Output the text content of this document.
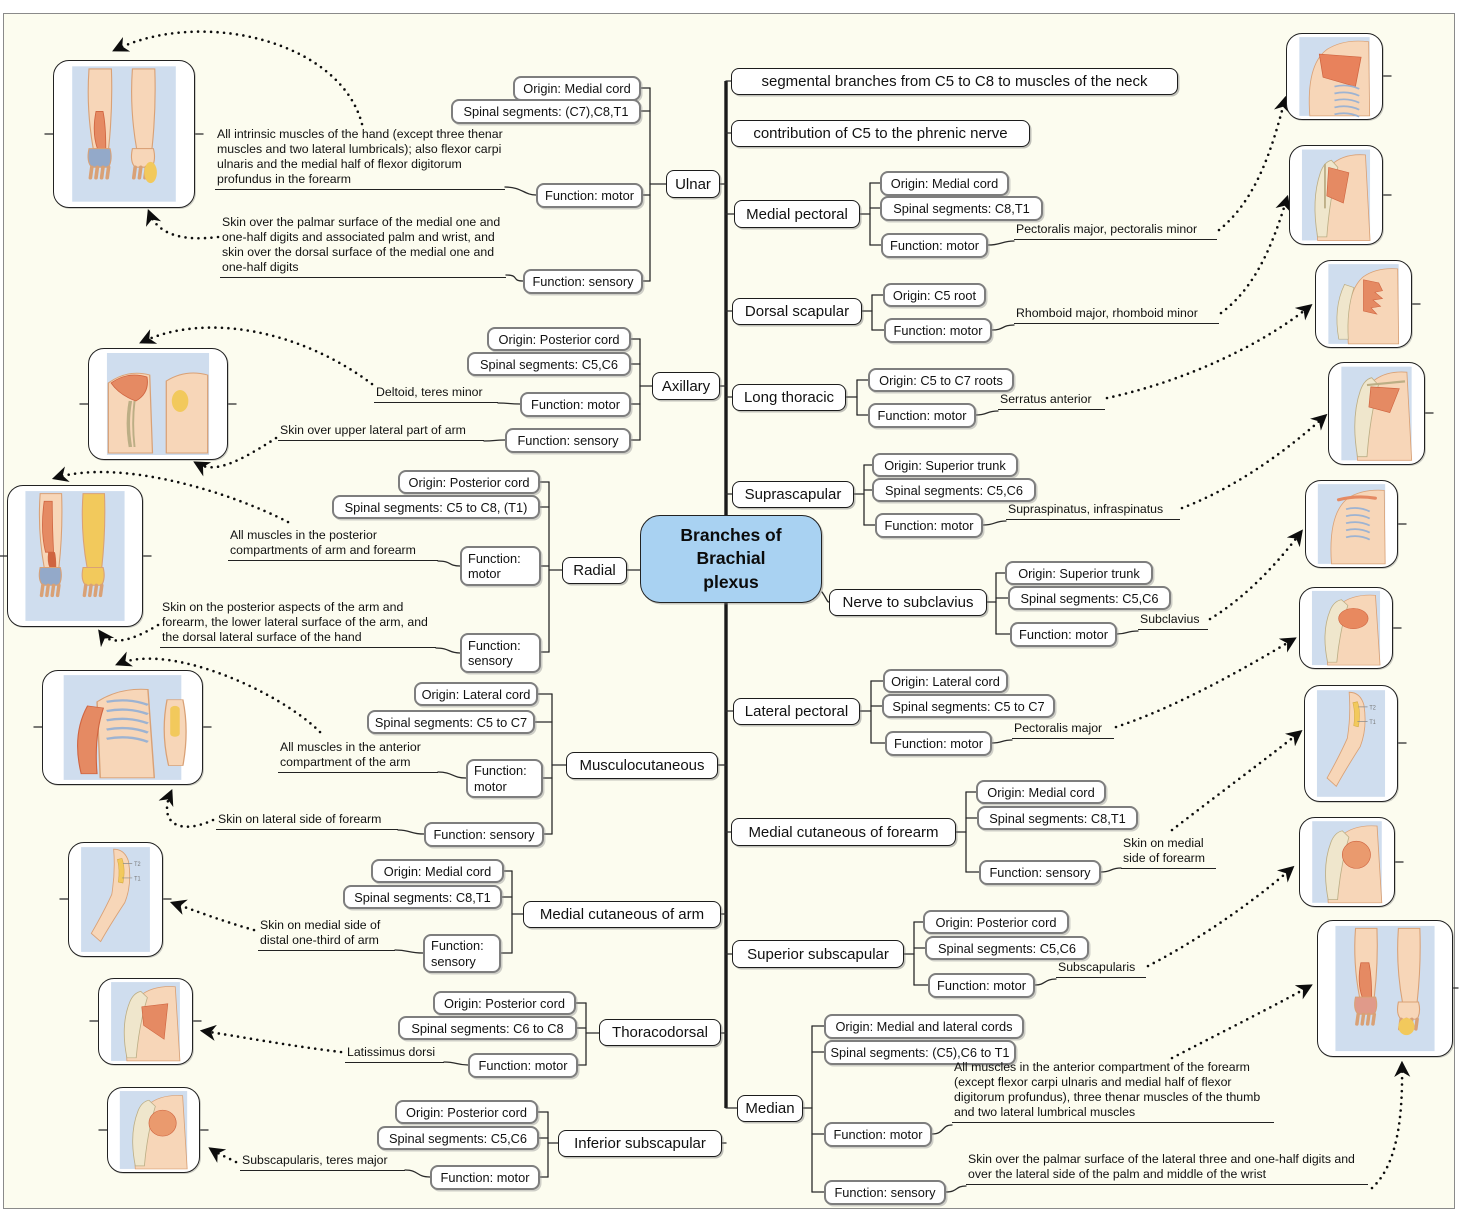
Branches of Brachial plexus
segmental branches from C5 to C8 to muscles of the neck
contribution of C5 to the phrenic nerve
Ulnar
Origin: Medial cord
Spinal segments: (C7),C8,T1
Function: motor
Function: sensory
All intrinsic muscles of the hand (except three thenar muscles and two lateral lumbricals); also flexor carpi ulnaris and the medial half of flexor digitorum profundus in the forearm
Skin over the palmar surface of the medial one and one-half digits and associated palm and wrist, and skin over the dorsal surface of the medial one and one-half digits
Axillary
Origin: Posterior cord
Spinal segments: C5,C6
Function: motor
Function: sensory
Deltoid, teres minor
Skin over upper lateral part of arm
Radial
Origin: Posterior cord
Spinal segments: C5 to C8, (T1)
Function: motor
Function: sensory
All muscles in the posterior compartments of arm and forearm
Skin on the posterior aspects of the arm and forearm, the lower lateral surface of the arm, and the dorsal lateral surface of the hand
Musculocutaneous
Origin: Lateral cord
Spinal segments: C5 to C7
Function: motor
Function: sensory
All muscles in the anterior compartment of the arm
Skin on lateral side of forearm
Medial cutaneous of arm
Origin: Medial cord
Spinal segments: C8,T1
Function: sensory
Skin on medial side of distal one-third of arm
Thoracodorsal
Origin: Posterior cord
Spinal segments: C6 to C8
Function: motor
Latissimus dorsi
Inferior subscapular
Origin: Posterior cord
Spinal segments: C5,C6
Function: motor
Subscapularis, teres major
Medial pectoral
Origin: Medial cord
Spinal segments: C8,T1
Function: motor
Pectoralis major, pectoralis minor
Dorsal scapular
Origin: C5 root
Function: motor
Rhomboid major, rhomboid minor
Long thoracic
Origin: C5 to C7 roots
Function: motor
Serratus anterior
Suprascapular
Origin: Superior trunk
Spinal segments: C5,C6
Function: motor
Supraspinatus, infraspinatus
Nerve to subclavius
Origin: Superior trunk
Spinal segments: C5,C6
Function: motor
Subclavius
Lateral pectoral
Origin: Lateral cord
Spinal segments: C5 to C7
Function: motor
Pectoralis major
Medial cutaneous of forearm
Origin: Medial cord
Spinal segments: C8,T1
Function: sensory
Skin on medial side of forearm
Superior subscapular
Origin: Posterior cord
Spinal segments: C5,C6
Function: motor
Subscapularis
Median
Origin: Medial and lateral cords
Spinal segments: (C5),C6 to T1
Function: motor
Function: sensory
All muscles in the anterior compartment of the forearm (except flexor carpi ulnaris and medial half of flexor digitorum profundus), three thenar muscles of the thumb and two lateral lumbrical muscles
Skin over the palmar surface of the lateral three and one-half digits and over the lateral side of the palm and middle of the wrist
T2
T1
T2
T1
